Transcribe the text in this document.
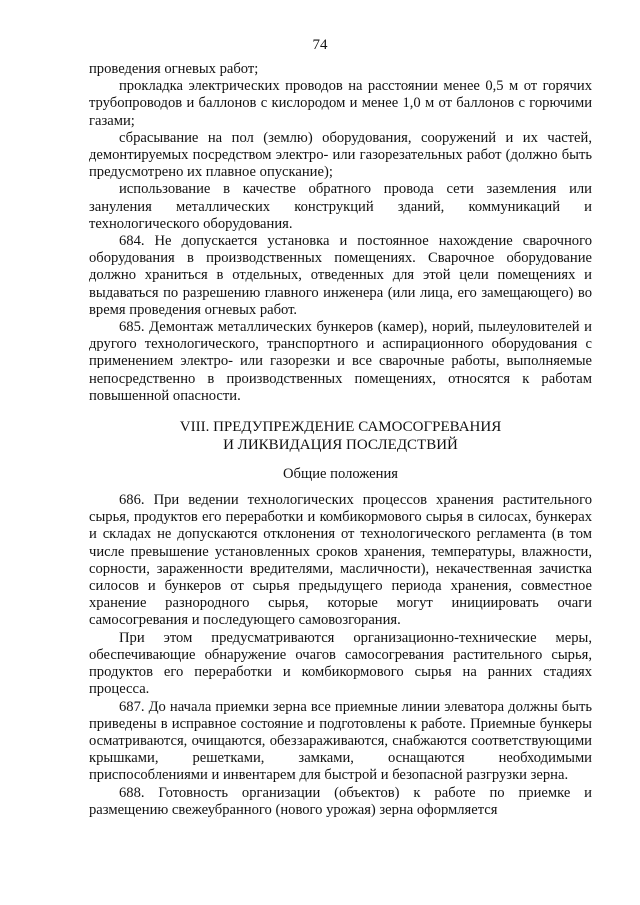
74

проведения огневых работ;

прокладка электрических проводов на расстоянии менее 0,5 м от горячих трубопроводов и баллонов с кислородом и менее 1,0 м от баллонов с горючими газами;

сбрасывание на пол (землю) оборудования, сооружений и их частей, демонтируемых посредством электро- или газорезательных работ (должно быть предусмотрено их плавное опускание);

использование в качестве обратного провода сети заземления или зануления металлических конструкций зданий, коммуникаций и технологического оборудования.

684. Не допускается установка и постоянное нахождение сварочного оборудования в производственных помещениях. Сварочное оборудование должно храниться в отдельных, отведенных для этой цели помещениях и выдаваться по разрешению главного инженера (или лица, его замещающего) во время проведения огневых работ.

685. Демонтаж металлических бункеров (камер), норий, пылеуловителей и другого технологического, транспортного и аспирационного оборудования с применением электро- или газорезки и все сварочные работы, выполняемые непосредственно в производственных помещениях, относятся к работам повышенной опасности.

VIII. ПРЕДУПРЕЖДЕНИЕ САМОСОГРЕВАНИЯ
И ЛИКВИДАЦИЯ ПОСЛЕДСТВИЙ
Общие положения

686. При ведении технологических процессов хранения растительного сырья, продуктов его переработки и комбикормового сырья в силосах, бункерах и складах не допускаются отклонения от технологического регламента (в том числе превышение установленных сроков хранения, температуры, влажности, сорности, зараженности вредителями, масличности), некачественная зачистка силосов и бункеров от сырья предыдущего периода хранения, совместное хранение разнородного сырья, которые могут инициировать очаги самосогревания и последующего самовозгорания.

При этом предусматриваются организационно-технические меры, обеспечивающие обнаружение очагов самосогревания растительного сырья, продуктов его переработки и комбикормового сырья на ранних стадиях процесса.

687. До начала приемки зерна все приемные линии элеватора должны быть приведены в исправное состояние и подготовлены к работе. Приемные бункеры осматриваются, очищаются, обеззараживаются, снабжаются соответствующими крышками, решетками, замками, оснащаются необходимыми приспособлениями и инвентарем для быстрой и безопасной разгрузки зерна.

688. Готовность организации (объектов) к работе по приемке и размещению свежеубранного (нового урожая) зерна оформляется
